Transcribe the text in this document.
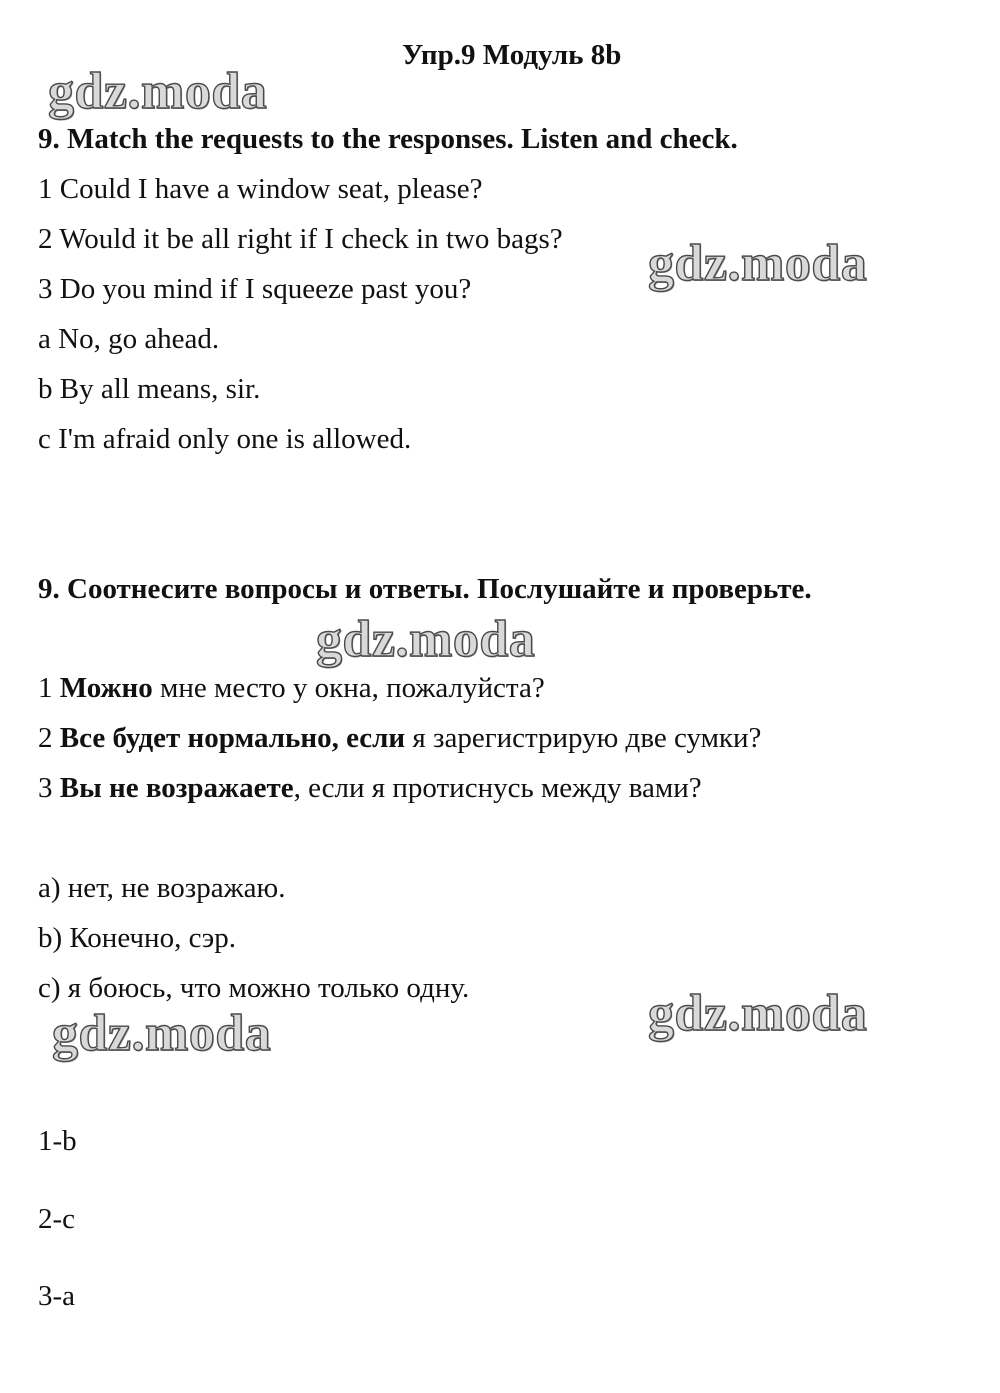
Упр.9 Модуль 8b
gdz.moda
gdz.moda
gdz.moda
gdz.moda
gdz.moda
9. Match the requests to the responses. Listen and check.
1 Could I have a window seat, please?
2 Would it be all right if I check in two bags?
3 Do you mind if I squeeze past you?
a No, go ahead.
b By all means, sir.
c I'm afraid only one is allowed.
9. Соотнесите вопросы и ответы. Послушайте и проверьте.
1 Можно мне место у окна, пожалуйста?
2 Все будет нормально, если я зарегистрирую две сумки?
3 Вы не возражаете, если я протиснусь между вами?
a) нет, не возражаю.
b) Конечно, сэр.
c) я боюсь, что можно только одну.
1-b
2-c
3-a
